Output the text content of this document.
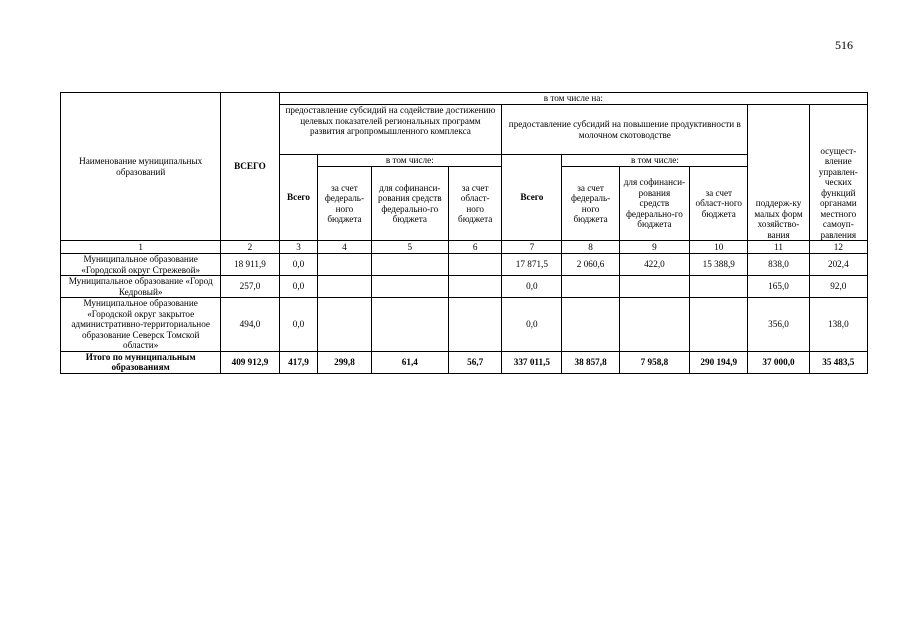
516
Наименование муниципальных образований	ВСЕГО	в том числе на:									
		предоставление субсидий на содействие достижению целевых показателей региональных программ развития агропромышленного комплекса				предоставление субсидий на повышение продуктивности в молочном скотоводстве				поддерж-ку малых форм хозяйство-вания	осущест-вление управлен-ческих функций органами местного самоуп-равления
		Всего	в том числе:			Всего	в том числе:				
			за счет федераль-ного бюджета	для софинанси-рования средств федерально-го бюджета	за счет област-ного бюджета		за счет федераль-ного бюджета	для софинанси-рования средств федерально-го бюджета	за счет област-ного бюджета		
1	2	3	4	5	6	7	8	9	10	11	12
Муниципальное образование «Городской округ Стрежевой»	18 911,9	0,0				17 871,5	2 060,6	422,0	15 388,9	838,0	202,4
Муниципальное образование «Город Кедровый»	257,0	0,0				0,0				165,0	92,0
Муниципальное образование «Городской округ закрытое административно-территориальное образование Северск Томской области»	494,0	0,0				0,0				356,0	138,0
Итого по муниципальным образованиям	409 912,9	417,9	299,8	61,4	56,7	337 011,5	38 857,8	7 958,8	290 194,9	37 000,0	35 483,5
